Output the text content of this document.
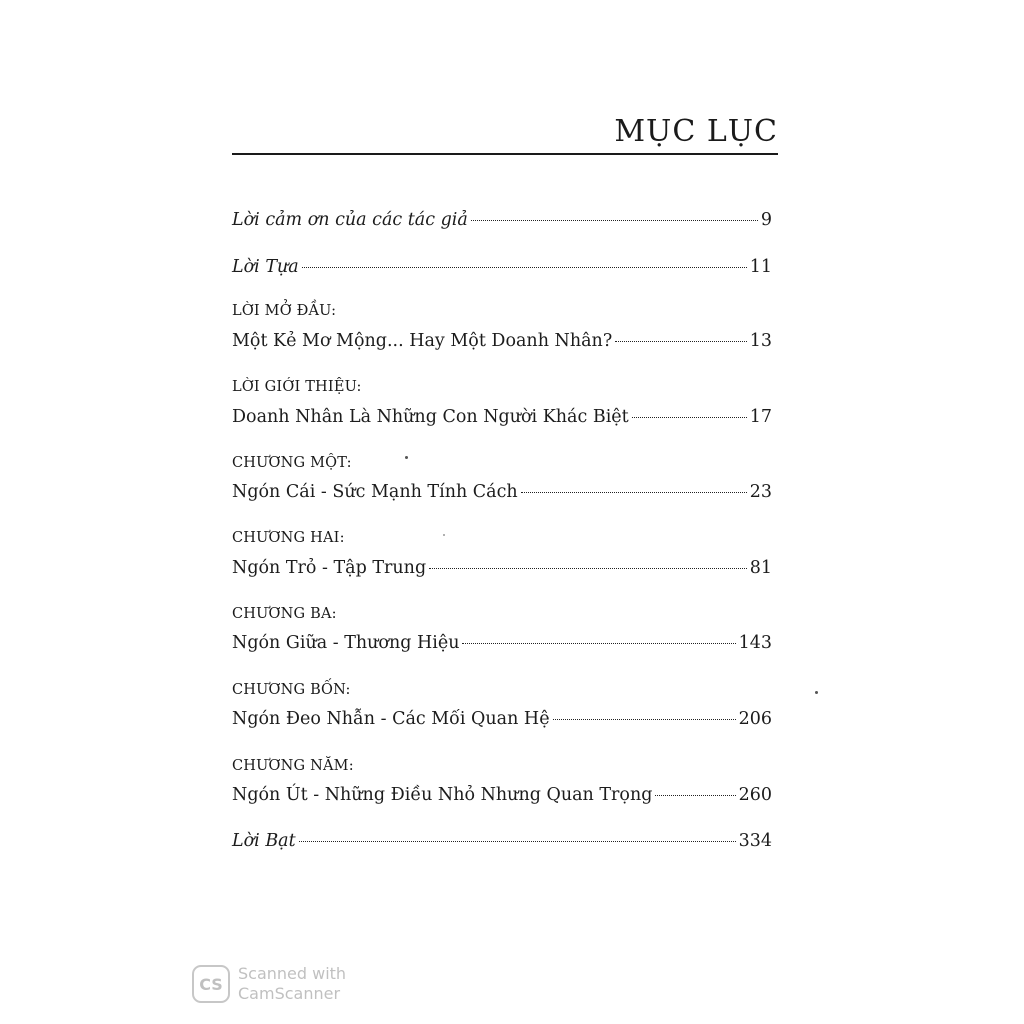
MỤC LỤC
Lời cảm ơn của các tác giả	9
Lời Tựa	11
LỜI MỞ ĐẦU:
Một Kẻ Mơ Mộng... Hay Một Doanh Nhân?	13
LỜI GIỚI THIỆU:
Doanh Nhân Là Những Con Người Khác Biệt	17
CHƯƠNG MỘT:
Ngón Cái - Sức Mạnh Tính Cách	23
CHƯƠNG HAI:
Ngón Trỏ - Tập Trung	81
CHƯƠNG BA:
Ngón Giữa - Thương Hiệu	143
CHƯƠNG BỐN:
Ngón Đeo Nhẫn - Các Mối Quan Hệ	206
CHƯƠNG NĂM:
Ngón Út - Những Điều Nhỏ Nhưng Quan Trọng	260
Lời Bạt	334
CS
Scanned with
CamScanner
